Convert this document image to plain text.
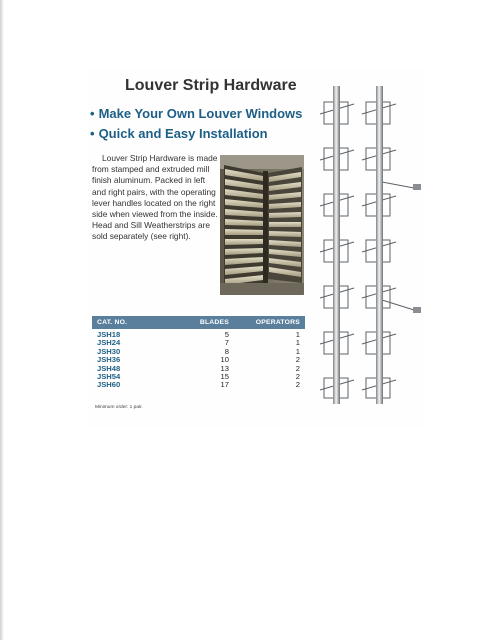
Louver Strip Hardware
• Make Your Own Louver Windows
• Quick and Easy Installation

Louver Strip Hardware is made from stamped and extruded mill finish aluminum. Packed in left and right pairs, with the operating lever handles located on the right side when viewed from the inside. Head and Sill Weatherstrips are sold separately (see right).

CAT. NO.	BLADES	OPERATORS
JSH18	5	1
JSH24	7	1
JSH30	8	1
JSH36	10	2
JSH48	13	2
JSH54	15	2
JSH60	17	2
Minimum order: 1 pair.
